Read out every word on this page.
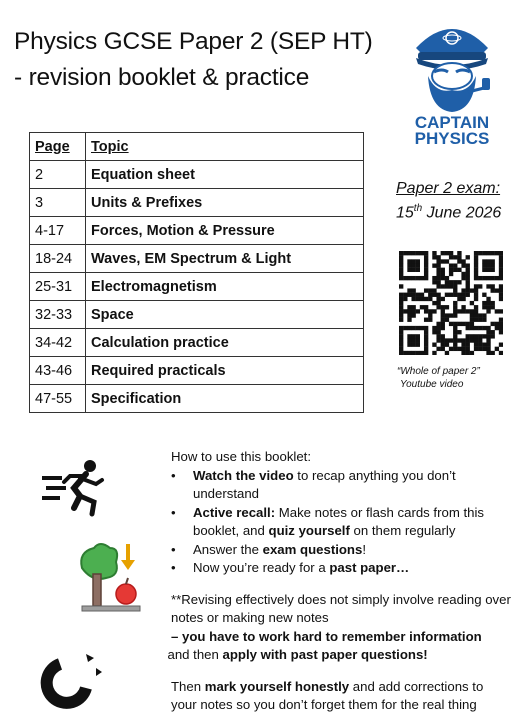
Physics GCSE Paper 2 (SEP HT)
- revision booklet & practice
CAPTAIN
PHYSICS
Page	Topic
2	Equation sheet
3	Units & Prefixes
4-17	Forces, Motion & Pressure
18-24	Waves, EM Spectrum & Light
25-31	Electromagnetism
32-33	Space
34-42	Calculation practice
43-46	Required practicals
47-55	Specification
Paper 2 exam:
15th June 2026
“Whole of paper 2”
Youtube video

How to use this booklet:

• Watch the video to recap anything you don’t understand
• Active recall: Make notes or flash cards from this booklet, and quiz yourself on them regularly
• Answer the exam questions!
• Now you’re ready for a past paper…

**Revising effectively does not simply involve reading over notes or making new notes
– you have to work hard to remember information
and then apply with past paper questions!

Then mark yourself honestly and add corrections to your notes so you don’t forget them for the real thing
